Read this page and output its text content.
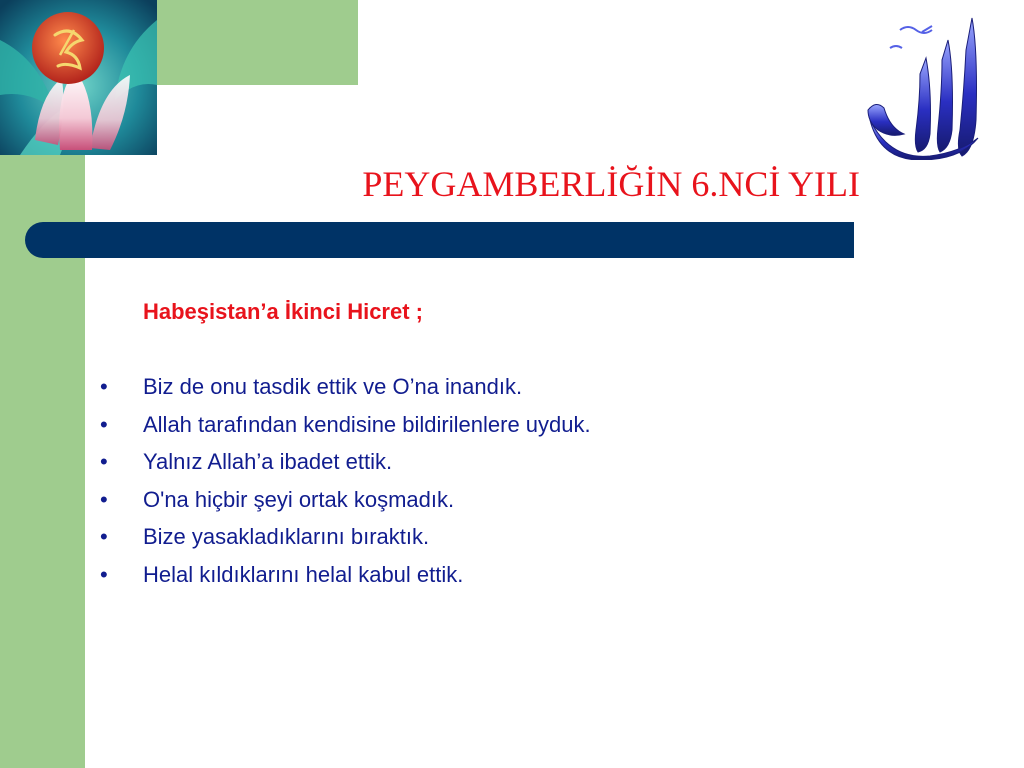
PEYGAMBERLİĞİN 6.NCİ YILI
Habeşistan’a İkinci Hicret ;
• Biz de onu tasdik ettik ve O’na inandık.
• Allah tarafından kendisine bildirilenlere uyduk.
• Yalnız Allah’a ibadet ettik.
• O'na hiçbir şeyi ortak koşmadık.
• Bize yasakladıklarını bıraktık.
• Helal kıldıklarını helal kabul ettik.
